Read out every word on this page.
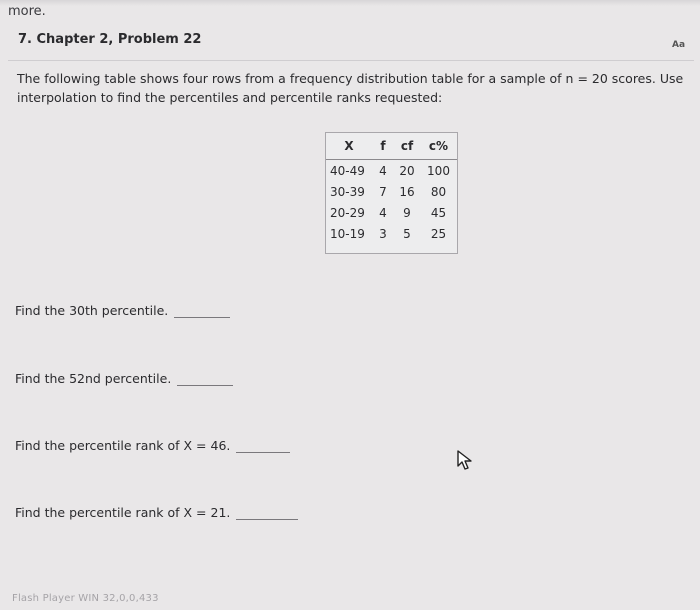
more.
7. Chapter 2, Problem 22	Aa
The following table shows four rows from a frequency distribution table for a sample of n = 20 scores. Use interpolation to find the percentiles and percentile ranks requested:
X	f	cf	c%
40-49	4	20	100
30-39	7	16	80
20-29	4	9	45
10-19	3	5	25
Find the 30th percentile.
Find the 52nd percentile.
Find the percentile rank of X = 46.
Find the percentile rank of X = 21.
Flash Player WIN 32,0,0,433
